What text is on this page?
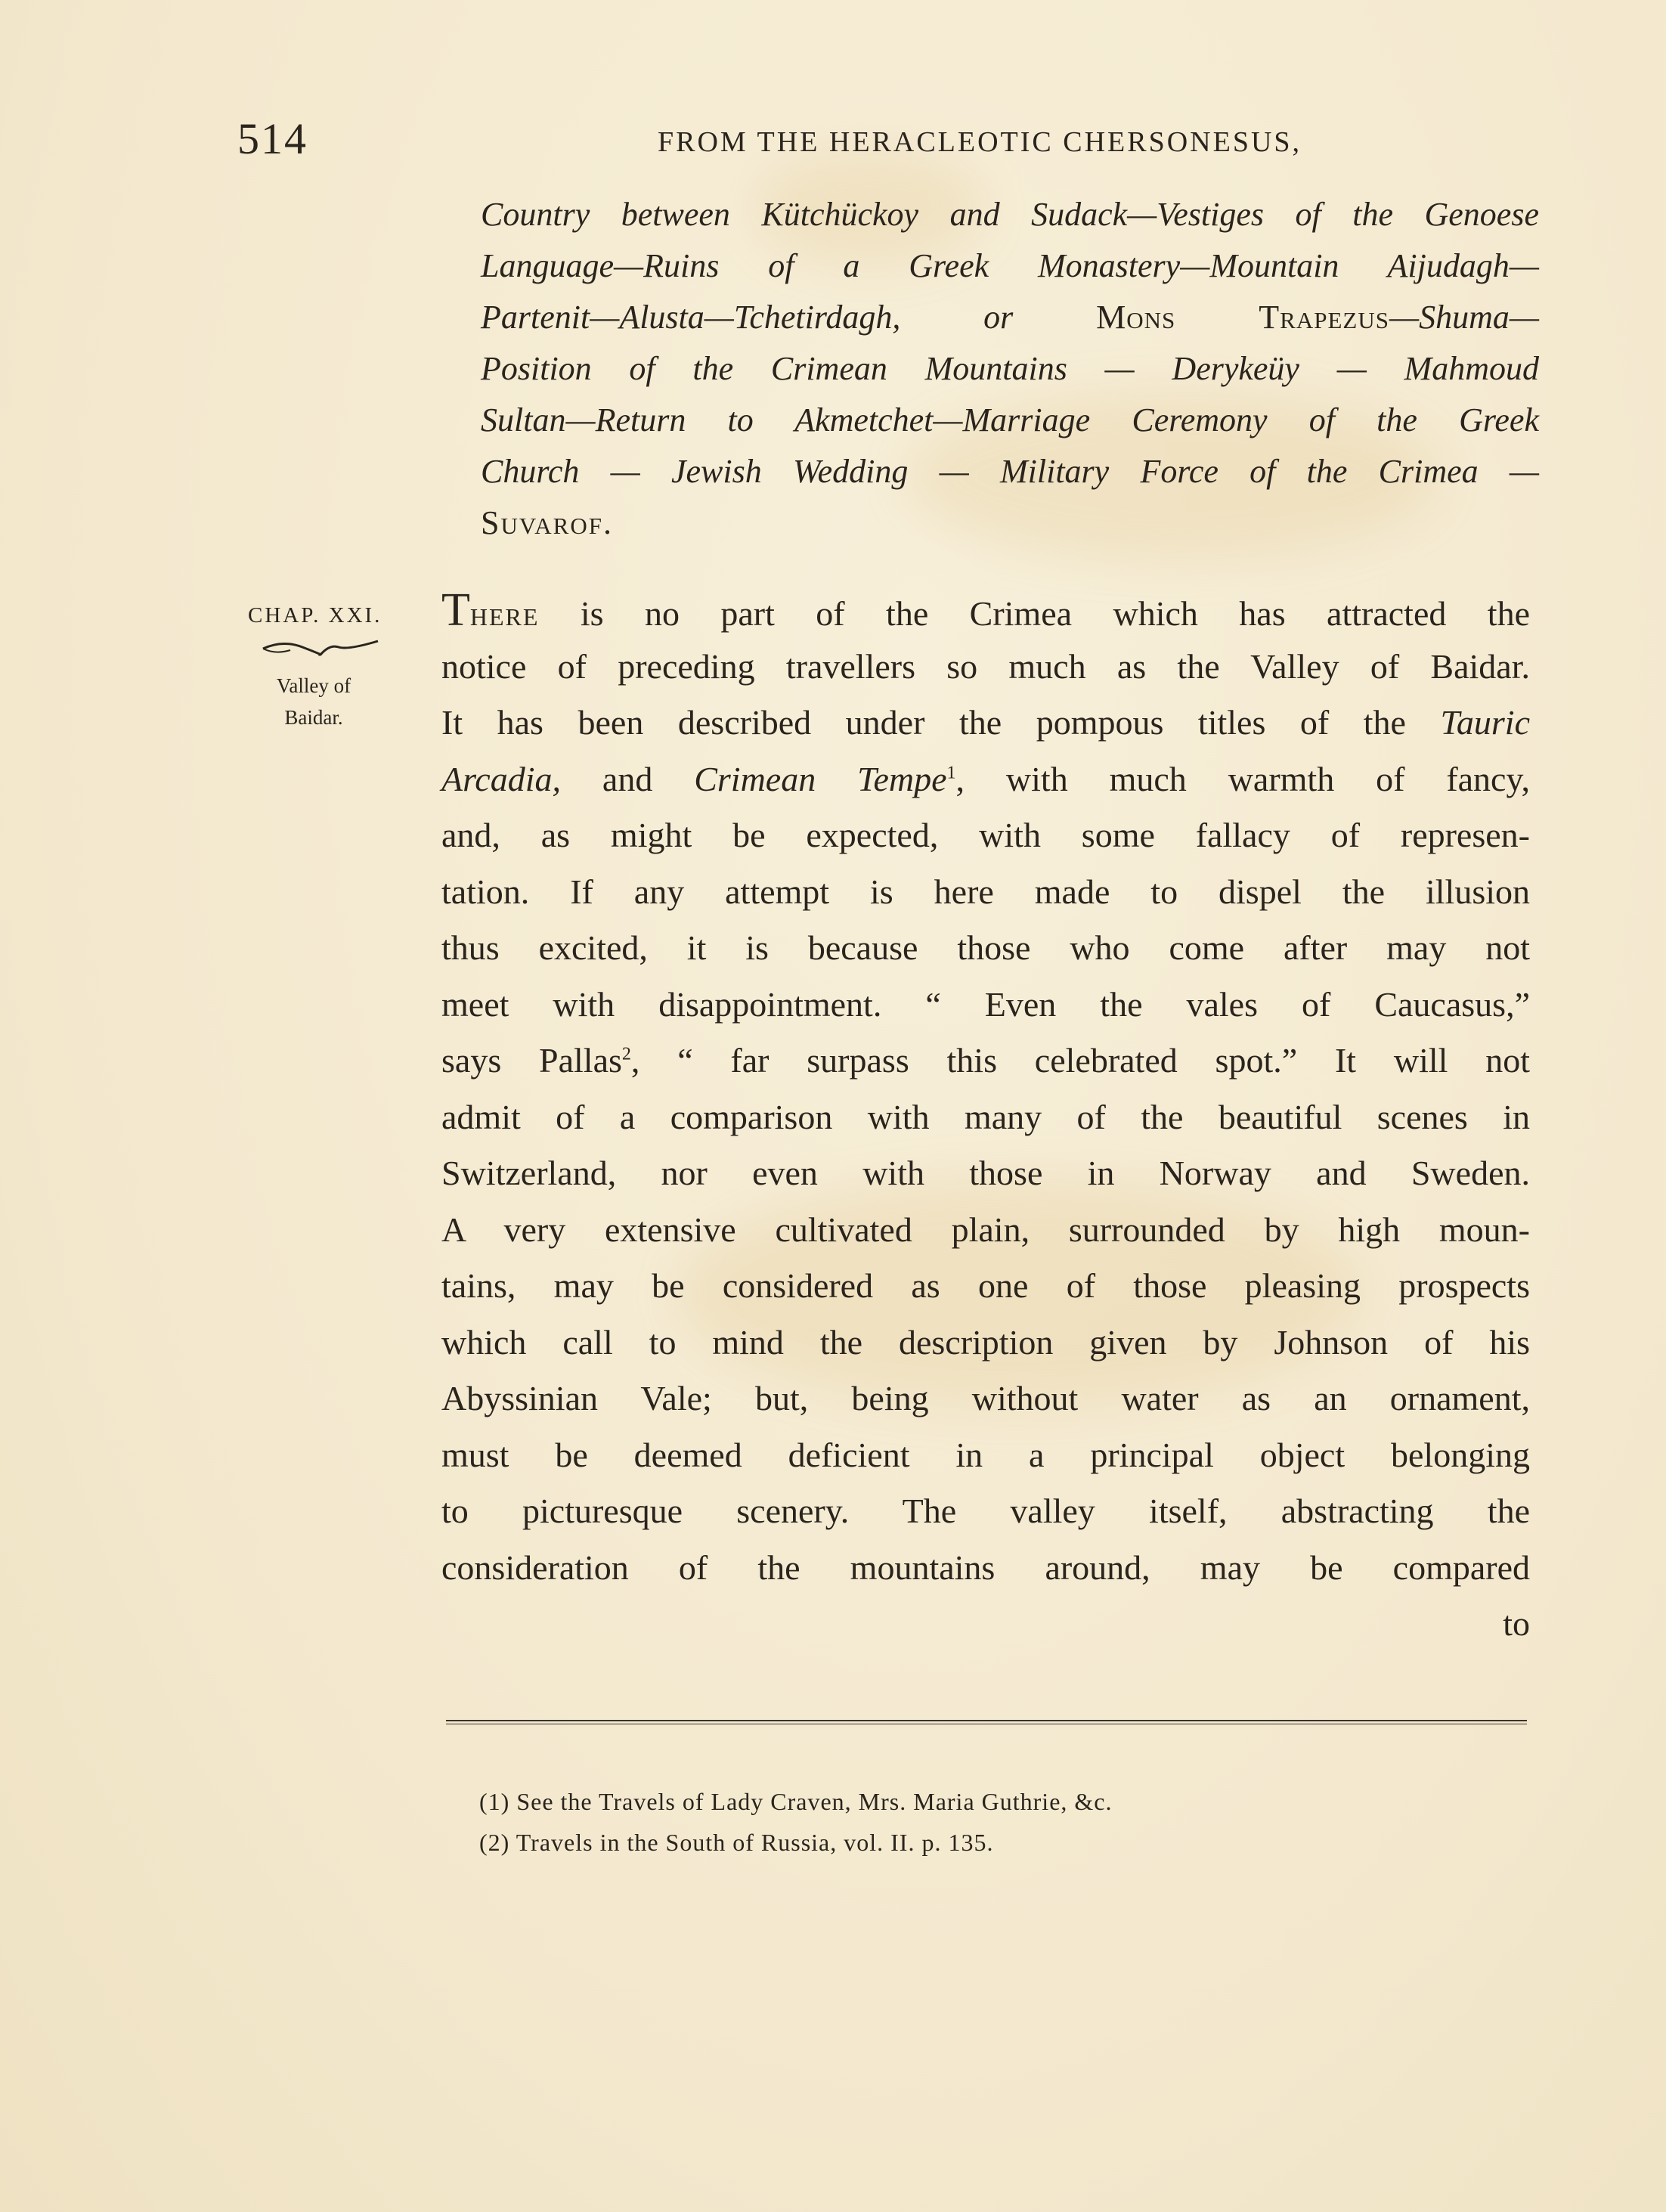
514	FROM THE HERACLEOTIC CHERSONESUS,
Country between Kütchückoy and Sudack—Vestiges of the Genoese
Language—Ruins of a Greek Monastery—Mountain Aijudagh—
Partenit—Alusta—Tchetirdagh, or Mons Trapezus—Shuma—
Position of the Crimean Mountains — Derykeüy — Mahmoud
Sultan—Return to Akmetchet—Marriage Ceremony of the Greek
Church — Jewish Wedding — Military Force of the Crimea —
Suvarof.
CHAP. XXI.
Valley of
Baidar.
There is no part of the Crimea which has attracted the
notice of preceding travellers so much as the Valley of Baidar.
It has been described under the pompous titles of the Tauric
Arcadia, and Crimean Tempe$^1$, with much warmth of fancy,
and, as might be expected, with some fallacy of represen-
tation. If any attempt is here made to dispel the illusion
thus excited, it is because those who come after may not
meet with disappointment. “ Even the vales of Caucasus,”
says Pallas$^2$, “ far surpass this celebrated spot.” It will not
admit of a comparison with many of the beautiful scenes in
Switzerland, nor even with those in Norway and Sweden.
A very extensive cultivated plain, surrounded by high moun-
tains, may be considered as one of those pleasing prospects
which call to mind the description given by Johnson of his
Abyssinian Vale; but, being without water as an ornament,
must be deemed deficient in a principal object belonging
to picturesque scenery. The valley itself, abstracting the
consideration of the mountains around, may be compared
to
(1) See the Travels of Lady Craven, Mrs. Maria Guthrie, &c.
(2) Travels in the South of Russia, vol. II. p. 135.
